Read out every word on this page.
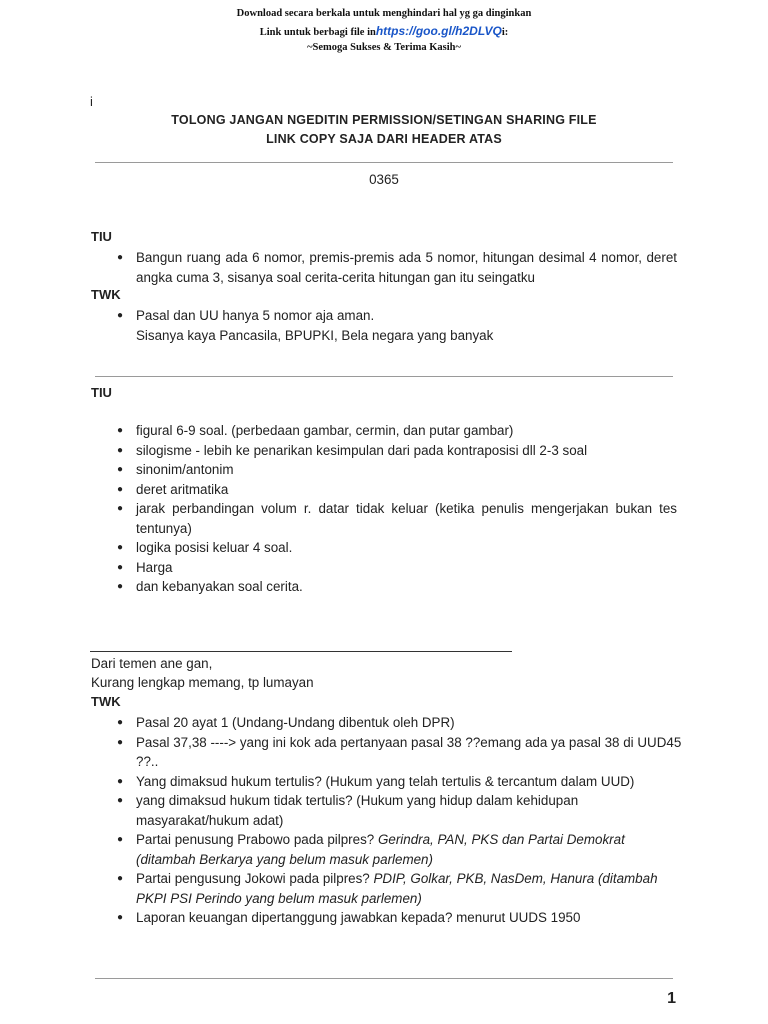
Download secara berkala untuk menghindari hal yg ga dinginkan
Link untuk berbagi file inhttps://goo.gl/h2DLVQi:
~Semoga Sukses & Terima Kasih~
i
TOLONG JANGAN NGEDITIN PERMISSION/SETINGAN SHARING FILE
LINK COPY SAJA DARI HEADER ATAS
0365
TIU
● Bangun ruang ada 6 nomor, premis-premis ada 5 nomor, hitungan desimal 4 nomor, deret angka cuma 3, sisanya soal cerita-cerita hitungan gan itu seingatku
TWK
● Pasal dan UU hanya 5 nomor aja aman.
Sisanya kaya Pancasila, BPUPKI, Bela negara yang banyak
TIU
● figural 6-9 soal. (perbedaan gambar, cermin, dan putar gambar)
● silogisme - lebih ke penarikan kesimpulan dari pada kontraposisi dll 2-3 soal
● sinonim/antonim
● deret aritmatika
● jarak perbandingan volum r. datar tidak keluar (ketika penulis mengerjakan bukan tes tentunya)
● logika posisi keluar 4 soal.
● Harga
● dan kebanyakan soal cerita.
Dari temen ane gan,
Kurang lengkap memang, tp lumayan
TWK
● Pasal 20 ayat 1 (Undang-Undang dibentuk oleh DPR)
● Pasal 37,38 ----> yang ini kok ada pertanyaan pasal 38 ??emang ada ya pasal 38 di UUD45 ??..
● Yang dimaksud hukum tertulis? (Hukum yang telah tertulis & tercantum dalam UUD)
● yang dimaksud hukum tidak tertulis? (Hukum yang hidup dalam kehidupan masyarakat/hukum adat)
● Partai penusung Prabowo pada pilpres? Gerindra, PAN, PKS dan Partai Demokrat (ditambah Berkarya yang belum masuk parlemen)
● Partai pengusung Jokowi pada pilpres? PDIP, Golkar, PKB, NasDem, Hanura (ditambah PKPI PSI Perindo yang belum masuk parlemen)
● Laporan keuangan dipertanggung jawabkan kepada? menurut UUDS 1950
1
